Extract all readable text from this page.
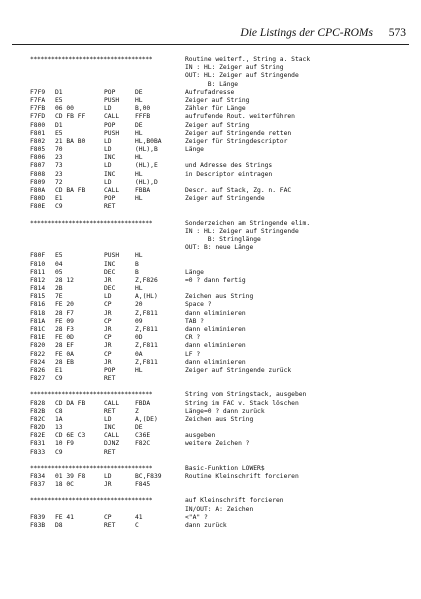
Die Listings der CPC-ROMs 573
***********************************	Routine weiterf., String a. Stack
IN : HL: Zeiger auf String
OUT: HL: Zeiger auf Stringende
B: Länge
F7F9 D1	POP	DE	Aufrufadresse
F7FA E5	PUSH	HL	Zeiger auf String
F7FB 06 00	LD	B,00	Zähler für Länge
F7FD CD FB FF	CALL	FFFB	aufrufende Rout. weiterführen
F800 D1	POP	DE	Zeiger auf String
F801 E5	PUSH	HL	Zeiger auf Stringende retten
F802 21 BA B0	LD	HL,B0BA	Zeiger für Stringdescriptor
F805 70	LD	(HL),B	Länge
F806 23	INC	HL
F807 73	LD	(HL),E	und Adresse des Strings
F808 23	INC	HL	in Descriptor eintragen
F809 72	LD	(HL),D
F80A CD BA FB	CALL	FBBA	Descr. auf Stack, Zg. n. FAC
F80D E1	POP	HL	Zeiger auf Stringende
F80E C9	RET
***********************************	Sonderzeichen am Stringende elim.
IN : HL: Zeiger auf Stringende
B: Stringlänge
OUT: B: neue Länge
F80F E5	PUSH	HL
F810 04	INC	B
F811 05	DEC	B	Länge
F812 28 12	JR	Z,F826	=0 ? dann fertig
F814 2B	DEC	HL
F815 7E	LD	A,(HL)	Zeichen aus String
F816 FE 20	CP	20	Space ?
F818 28 F7	JR	Z,F811	dann eliminieren
F81A FE 09	CP	09	TAB ?
F81C 28 F3	JR	Z,F811	dann eliminieren
F81E FE 0D	CP	0D	CR ?
F820 28 EF	JR	Z,F811	dann eliminieren
F822 FE 0A	CP	0A	LF ?
F824 28 EB	JR	Z,F811	dann eliminieren
F826 E1	POP	HL	Zeiger auf Stringende zurück
F827 C9	RET
***********************************	String vom Stringstack, ausgeben
F828 CD DA FB	CALL	FBDA	String im FAC v. Stack löschen
F82B C8	RET	Z	Länge=0 ? dann zurück
F82C 1A	LD	A,(DE)	Zeichen aus String
F82D 13	INC	DE
F82E CD 6E C3	CALL	C36E	ausgeben
F831 10 F9	DJNZ	F82C	weitere Zeichen ?
F833 C9	RET
***********************************	Basic-Funktion LOWER$
F834 01 39 F8	LD	BC,F839	Routine Kleinschrift forcieren
F837 18 0C	JR	F845
***********************************	auf Kleinschrift forcieren
IN/OUT: A: Zeichen
F839 FE 41	CP	41	<"A" ?
F83B D8	RET	C	dann zurück
